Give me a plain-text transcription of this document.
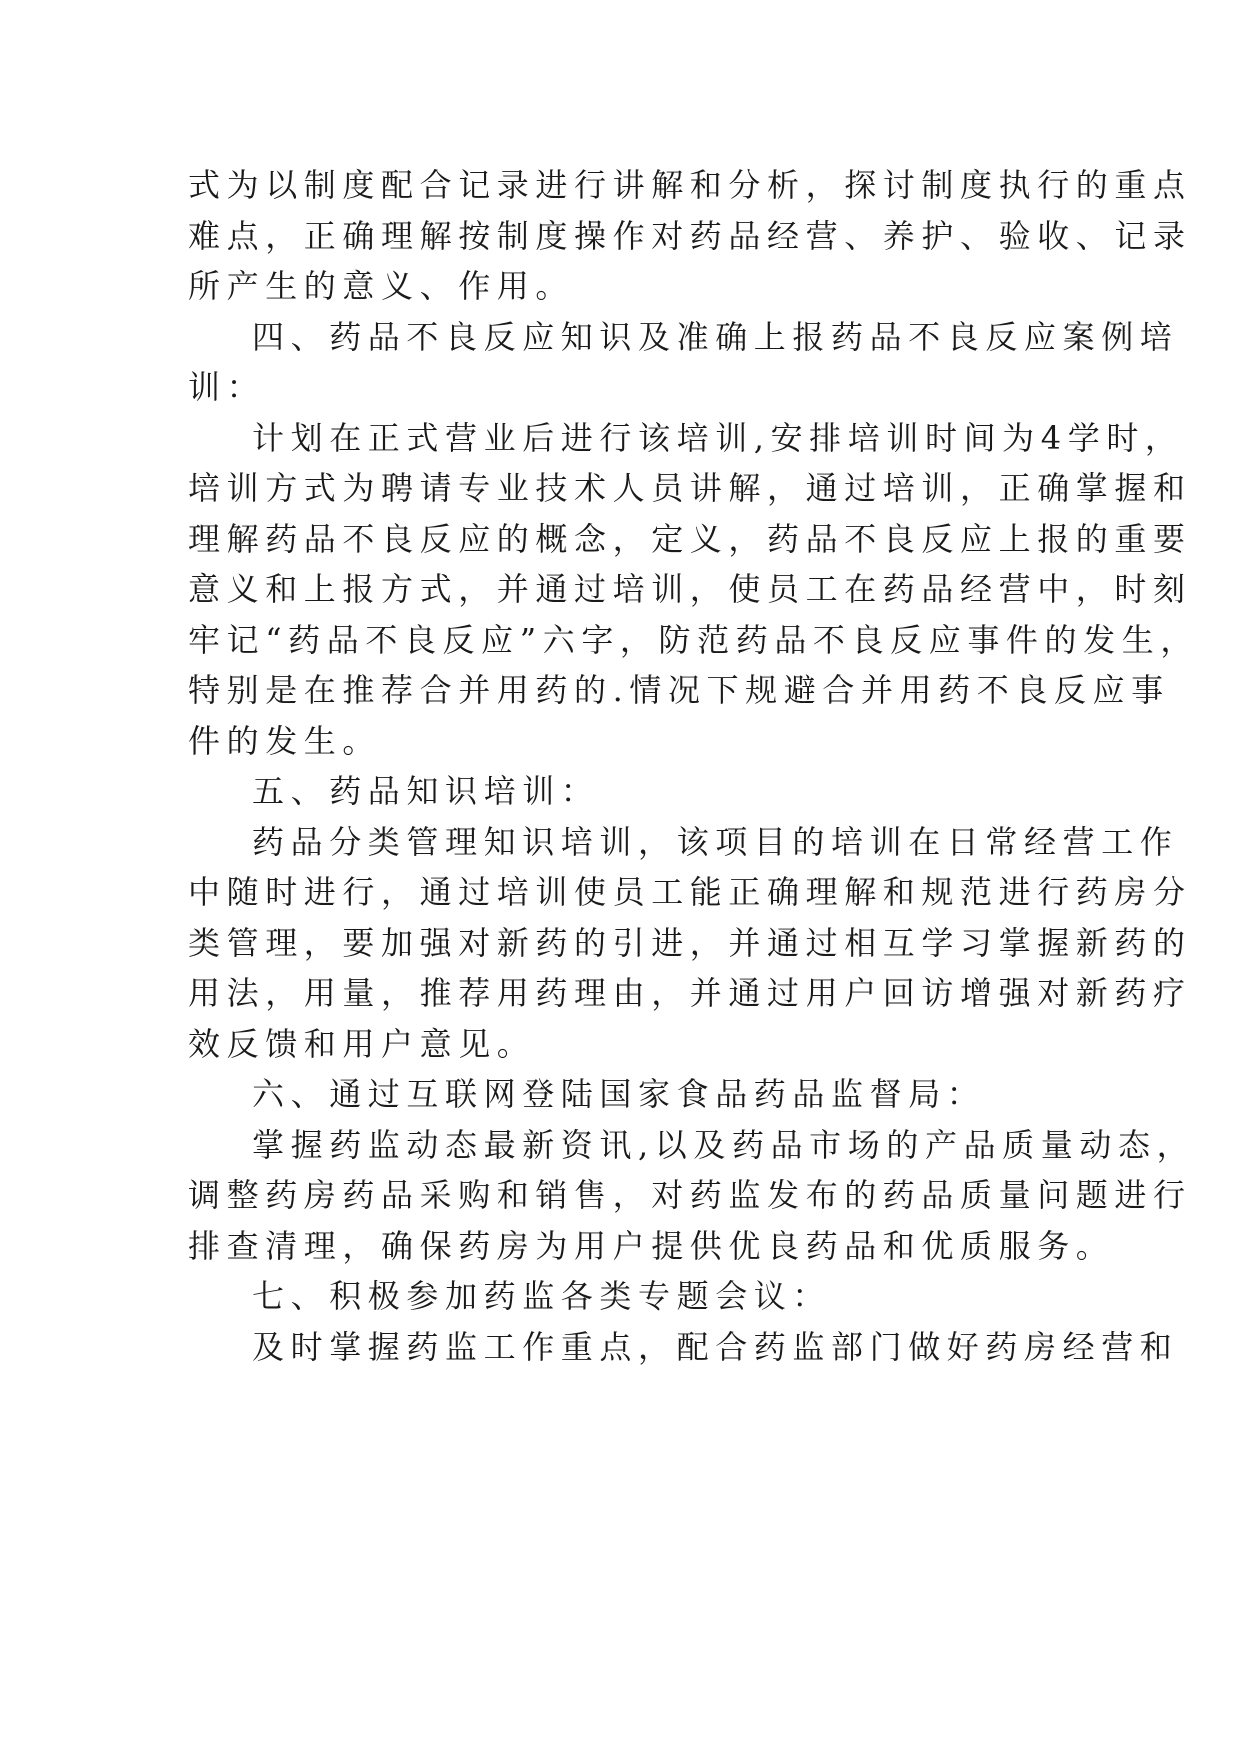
式为以制度配合记录进行讲解和分析，探讨制度执行的重点
难点，正确理解按制度操作对药品经营、养护、验收、记录
所产生的意义、作用。
四、药品不良反应知识及准确上报药品不良反应案例培
训：
计划在正式营业后进行该培训,安排培训时间为4学时，
培训方式为聘请专业技术人员讲解，通过培训，正确掌握和
理解药品不良反应的概念，定义，药品不良反应上报的重要
意义和上报方式，并通过培训，使员工在药品经营中，时刻
牢记“药品不良反应”六字，防范药品不良反应事件的发生，
特别是在推荐合并用药的.情况下规避合并用药不良反应事
件的发生。
五、药品知识培训：
药品分类管理知识培训，该项目的培训在日常经营工作
中随时进行，通过培训使员工能正确理解和规范进行药房分
类管理，要加强对新药的引进，并通过相互学习掌握新药的
用法，用量，推荐用药理由，并通过用户回访增强对新药疗
效反馈和用户意见。
六、通过互联网登陆国家食品药品监督局：
掌握药监动态最新资讯,以及药品市场的产品质量动态，
调整药房药品采购和销售，对药监发布的药品质量问题进行
排查清理，确保药房为用户提供优良药品和优质服务。
七、积极参加药监各类专题会议：
及时掌握药监工作重点，配合药监部门做好药房经营和
